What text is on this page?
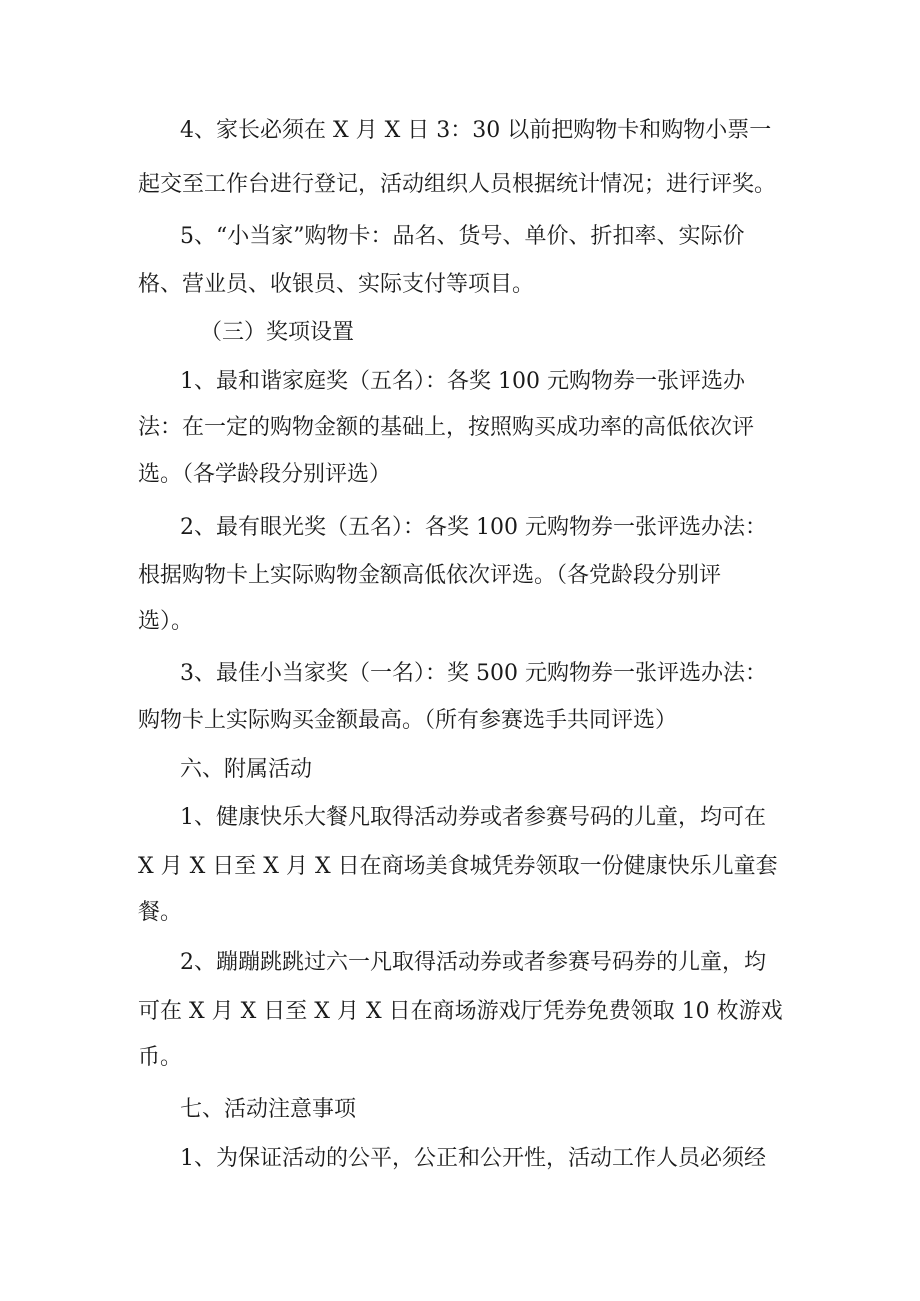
4、家长必须在 X 月 X 日 3：30 以前把购物卡和购物小票一
起交至工作台进行登记，活动组织人员根据统计情况；进行评奖。
5、“小当家”购物卡：品名、货号、单价、折扣率、实际价
格、营业员、收银员、实际支付等项目。
（三）奖项设置
1、最和谐家庭奖（五名）：各奖 100 元购物券一张评选办
法：在一定的购物金额的基础上，按照购买成功率的高低依次评
选。（各学龄段分别评选）
2、最有眼光奖（五名）：各奖 100 元购物券一张评选办法：
根据购物卡上实际购物金额高低依次评选。（各党龄段分别评
选）。
3、最佳小当家奖（一名）：奖 500 元购物券一张评选办法：
购物卡上实际购买金额最高。（所有参赛选手共同评选）
六、附属活动
1、健康快乐大餐凡取得活动券或者参赛号码的儿童，均可在
X 月 X 日至 X 月 X 日在商场美食城凭券领取一份健康快乐儿童套
餐。
2、蹦蹦跳跳过六一凡取得活动券或者参赛号码券的儿童，均
可在 X 月 X 日至 X 月 X 日在商场游戏厅凭券免费领取 10 枚游戏
币。
七、活动注意事项
1、为保证活动的公平，公正和公开性，活动工作人员必须经
